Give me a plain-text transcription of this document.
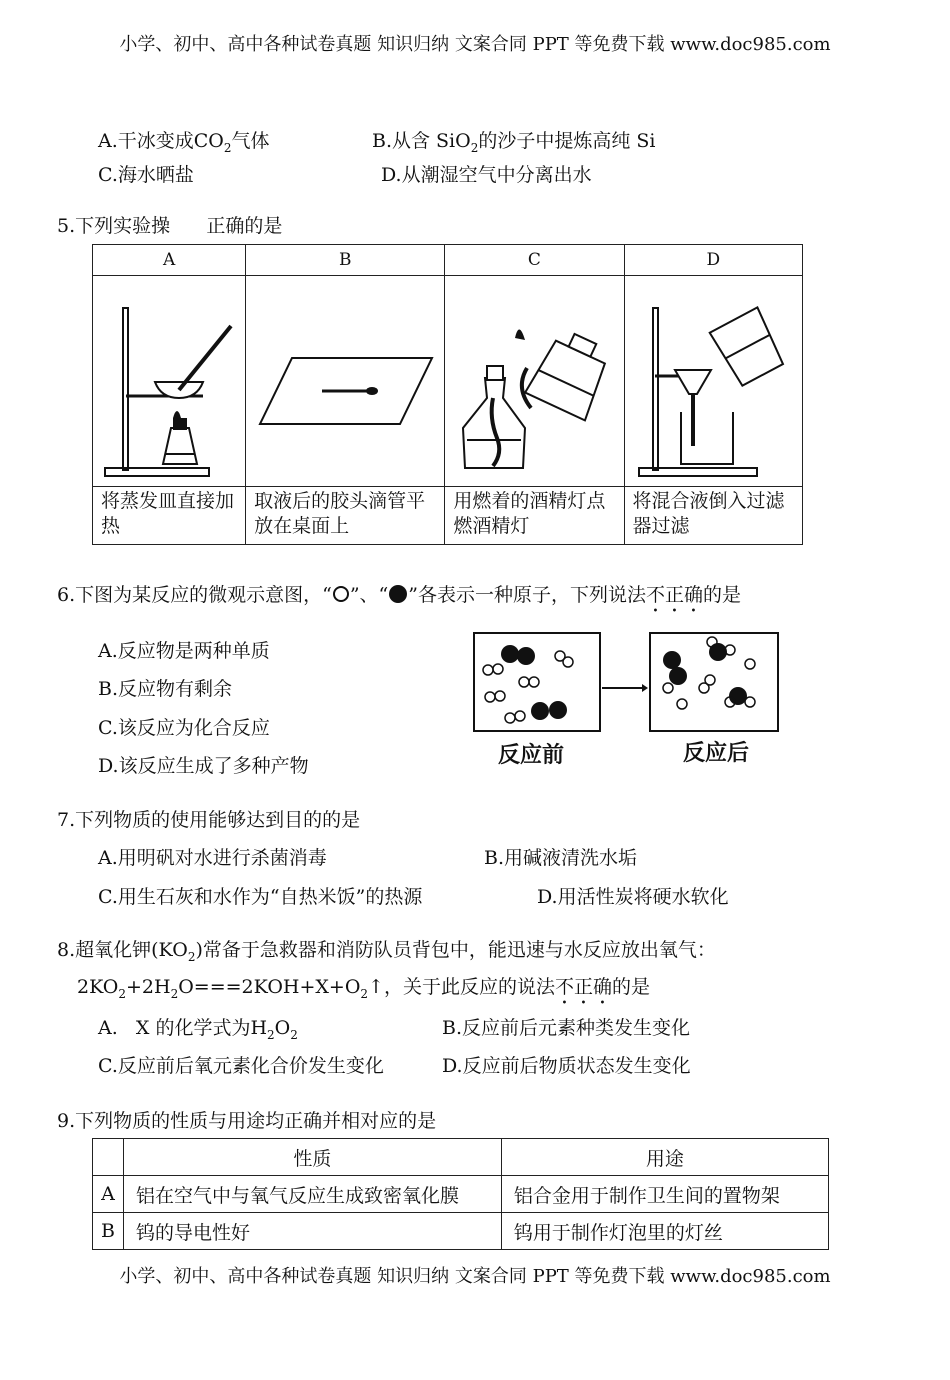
小学、初中、高中各种试卷真题 知识归纳 文案合同 PPT 等免费下载 www.doc985.com
A.干冰变成$CO_2$气体	B.从含 SiO$_2$的沙子中提炼高纯 Si
C.海水晒盐	D.从潮湿空气中分离出水
5.下列实验操      正确的是
A	B	C	D

将蒸发皿直接加热	取液后的胶头滴管平放在桌面上	用燃着的酒精灯点燃酒精灯	将混合液倒入过滤器过滤
6.下图为某反应的微观示意图，“ ”、“ ”各表示一种原子，下列说法不正确的是
A.反应物是两种单质
B.反应物有剩余
C.该反应为化合反应
D.该反应生成了多种产物	反应前	反应后
7.下列物质的使用能够达到目的的是
A.用明矾对水进行杀菌消毒	B.用碱液清洗水垢
C.用生石灰和水作为“自热米饭”的热源	D.用活性炭将硬水软化
8.超氧化钾$(KO_2)$常备于急救器和消防队员背包中，能迅速与水反应放出氧气：
$2KO_2+2H_2O===2KOH+X+O_2↑$，关于此反应的说法不正确的是
A.   X 的化学式为$H_2O_2$	B.反应前后元素种类发生变化
C.反应前后氧元素化合价发生变化	D.反应前后物质状态发生变化
9.下列物质的性质与用途均正确并相对应的是
	性质	用途
A	铝在空气中与氧气反应生成致密氧化膜	铝合金用于制作卫生间的置物架
B	钨的导电性好	钨用于制作灯泡里的灯丝
小学、初中、高中各种试卷真题 知识归纳 文案合同 PPT 等免费下载 www.doc985.com
